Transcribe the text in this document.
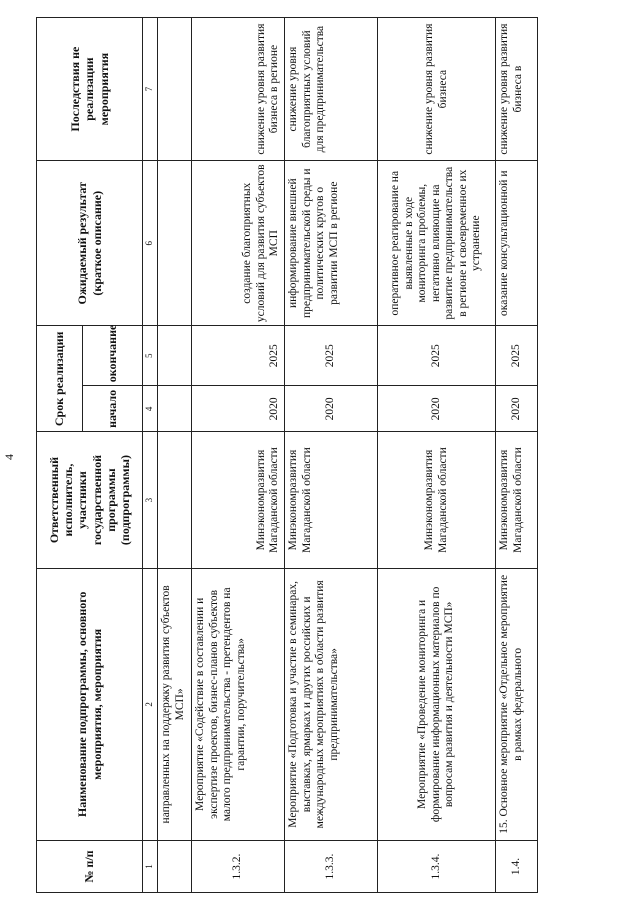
4
№ п/п	Наименование подпрограммы, основного мероприятия, мероприятия	Ответственный исполнитель, участники государственной программы (подпрограммы)	Срок реализации		Ожидаемый результат (краткое описание)	Последствия не реализации мероприятия
			начало	окончание		
1	2	3	4	5	6	7
	направленных на поддержку развития субъектов МСП»					
1.3.2.	Мероприятие «Содействие в составлении и экспертизе проектов, бизнес-планов субъектов малого предпринимательства - претендентов на гарантии, поручительства»	Минэкономразвития Магаданской области	2020	2025	создание благоприятных условий для развития субъектов МСП	снижение уровня развития бизнеса в регионе
1.3.3.	Мероприятие «Подготовка и участие в семинарах, выставках, ярмарках и других российских и международных мероприятиях в области развития предпринимательства»	Минэкономразвития Магаданской области	2020	2025	информирование внешней предпринимательской среды и политических кругов о развитии МСП в регионе	снижение уровня благоприятных условий для предпринимательства
1.3.4.	Мероприятие «Проведение мониторинга и формирование информационных материалов по вопросам развития и деятельности МСП»	Минэкономразвития Магаданской области	2020	2025	оперативное реагирование на выявленные в ходе мониторинга проблемы, негативно влияющие на развитие предпринимательства в регионе и своевременное их устранение	снижение уровня развития бизнеса
1.4.	15. Основное мероприятие «Отдельное мероприятие в рамках федерального	Минэкономразвития Магаданской области	2020	2025	оказание консультационной и	снижение уровня развития бизнеса в
